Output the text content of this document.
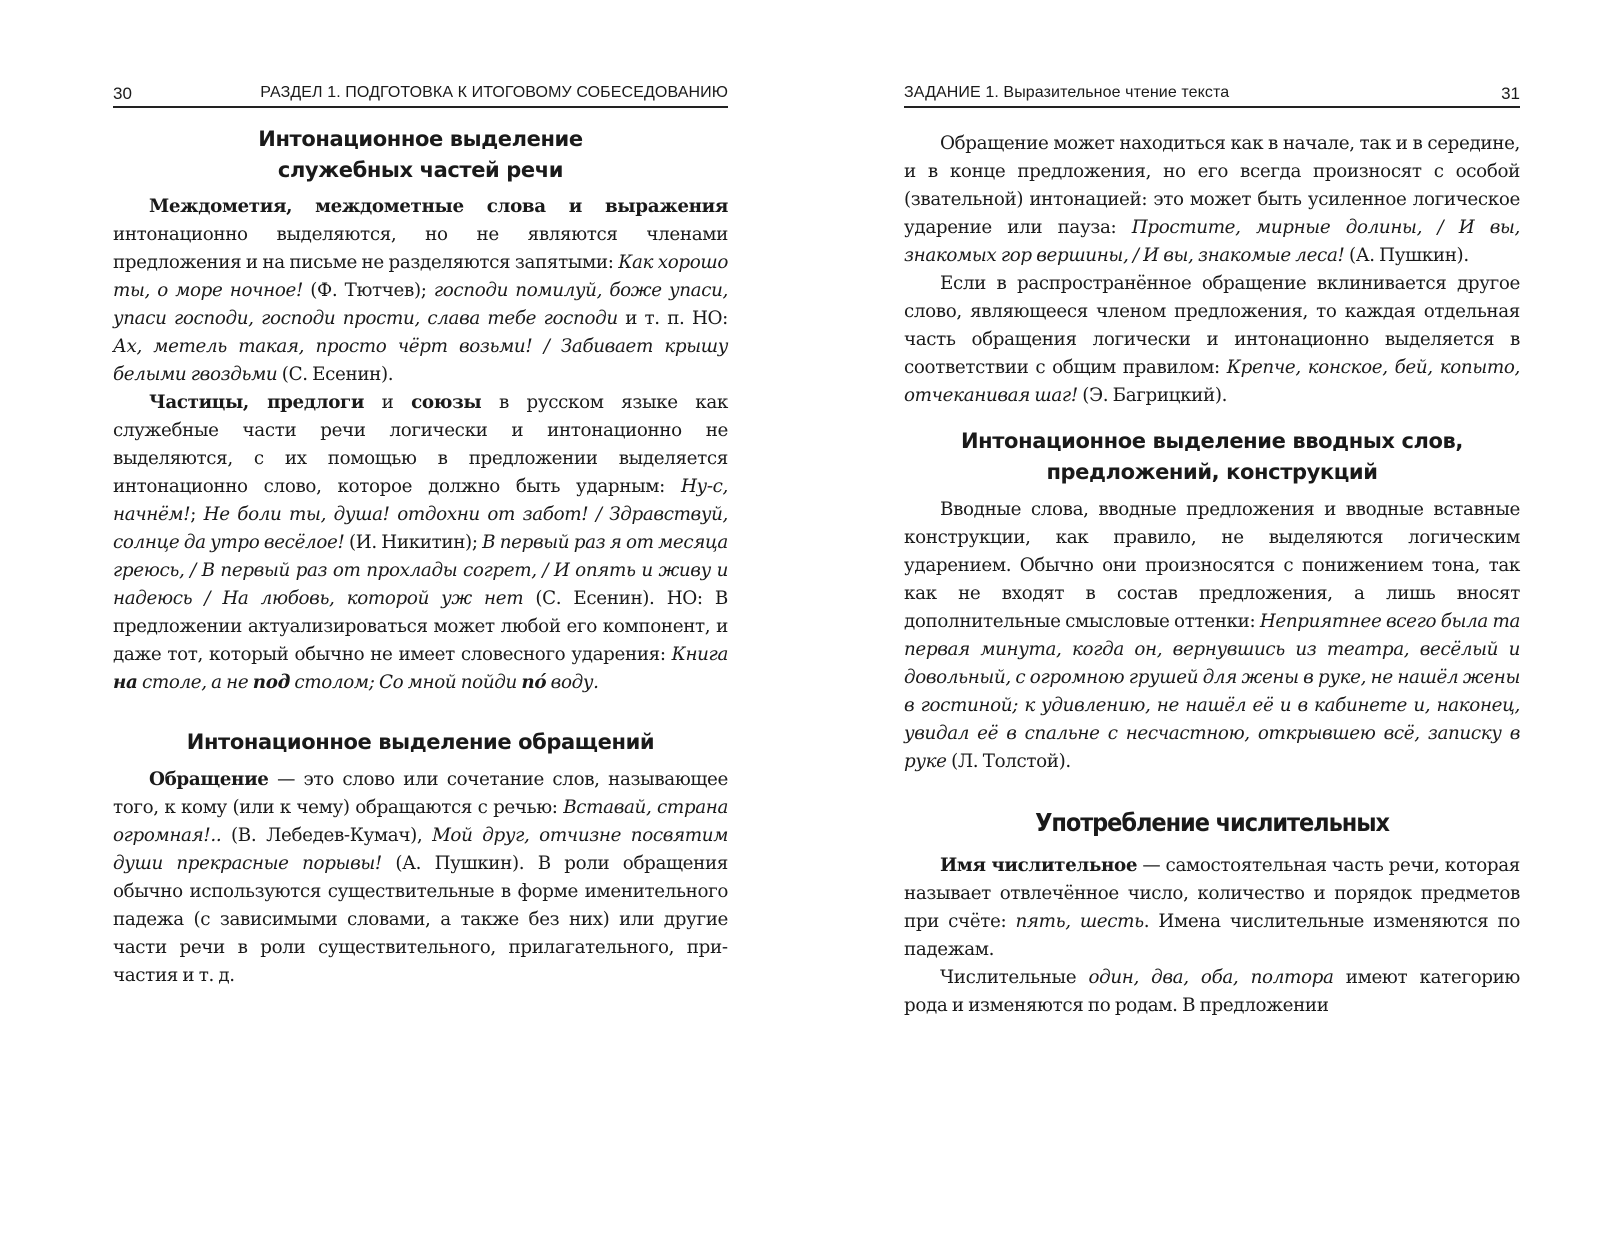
30	РАЗДЕЛ 1. ПОДГОТОВКА К ИТОГОВОМУ СОБЕСЕДОВАНИЮ
Интонационное выделение
служебных частей речи

Междометия, междометные слова и выражения интонационно выделяются, но не являются членами предложения и на письме не разделяются запятыми: Как хорошо ты, о море ночное! (Ф. Тютчев); господи помилуй, боже упаси, упаси господи, господи прости, слава тебе господи и т. п. НО: Ах, метель такая, просто чёрт возьми! / Забивает крышу белыми гвоздьми (С. Есенин).

Частицы, предлоги и союзы в русском языке как служебные части речи логически и интонационно не выделяются, с их помощью в предложении выделяется интонационно слово, которое должно быть ударным: Ну-с, начнём!; Не боли ты, душа! отдохни от забот! / Здравствуй, солнце да утро весёлое! (И. Никитин); В первый раз я от месяца греюсь, / В первый раз от прохлады согрет, / И опять и живу и надеюсь / На любовь, которой уж нет (С. Есенин). НО: В предложении актуализироваться может любой его компонент, и даже тот, который обычно не имеет словесного ударения: Книга на столе, а не под столом; Со мной пойди по́ воду.

Интонационное выделение обращений

Обращение — это слово или сочетание слов, называющее того, к кому (или к чему) обращаются с речью: Вставай, страна огромная!.. (В. Лебедев-Кумач), Мой друг, отчизне посвятим души прекрасные порывы! (А. Пушкин). В роли обращения обычно используются существительные в форме именительного падежа (с зависимыми словами, а также без них) или другие части речи в роли существительного, прилагательного, причастия и т. д.

ЗАДАНИЕ 1. Выразительное чтение текста	31

Обращение может находиться как в начале, так и в середине, и в конце предложения, но его всегда произносят с особой (звательной) интонацией: это может быть усиленное логическое ударение или пауза: Простите, мирные долины, / И вы, знакомых гор вершины, / И вы, знакомые леса! (А. Пушкин).

Если в распространённое обращение вклинивается другое слово, являющееся членом предложения, то каждая отдельная часть обращения логически и интонационно выделяется в соответствии с общим правилом: Крепче, конское, бей, копыто, отчеканивая шаг! (Э. Багрицкий).

Интонационное выделение вводных слов,
предложений, конструкций

Вводные слова, вводные предложения и вводные вставные конструкции, как правило, не выделяются логическим ударением. Обычно они произносятся с понижением тона, так как не входят в состав предложения, а лишь вносят дополнительные смысловые оттенки: Неприятнее всего была та первая минута, когда он, вернувшись из театра, весёлый и довольный, с огромною грушей для жены в руке, не нашёл жены в гостиной; к удивлению, не нашёл её и в кабинете и, наконец, увидал её в спальне с несчастною, открывшею всё, записку в руке (Л. Толстой).

Употребление числительных

Имя числительное — самостоятельная часть речи, которая называет отвлечённое число, количество и порядок предметов при счёте: пять, шесть. Имена числительные изменяются по падежам.

Числительные один, два, оба, полтора имеют категорию рода и изменяются по родам. В предложении
